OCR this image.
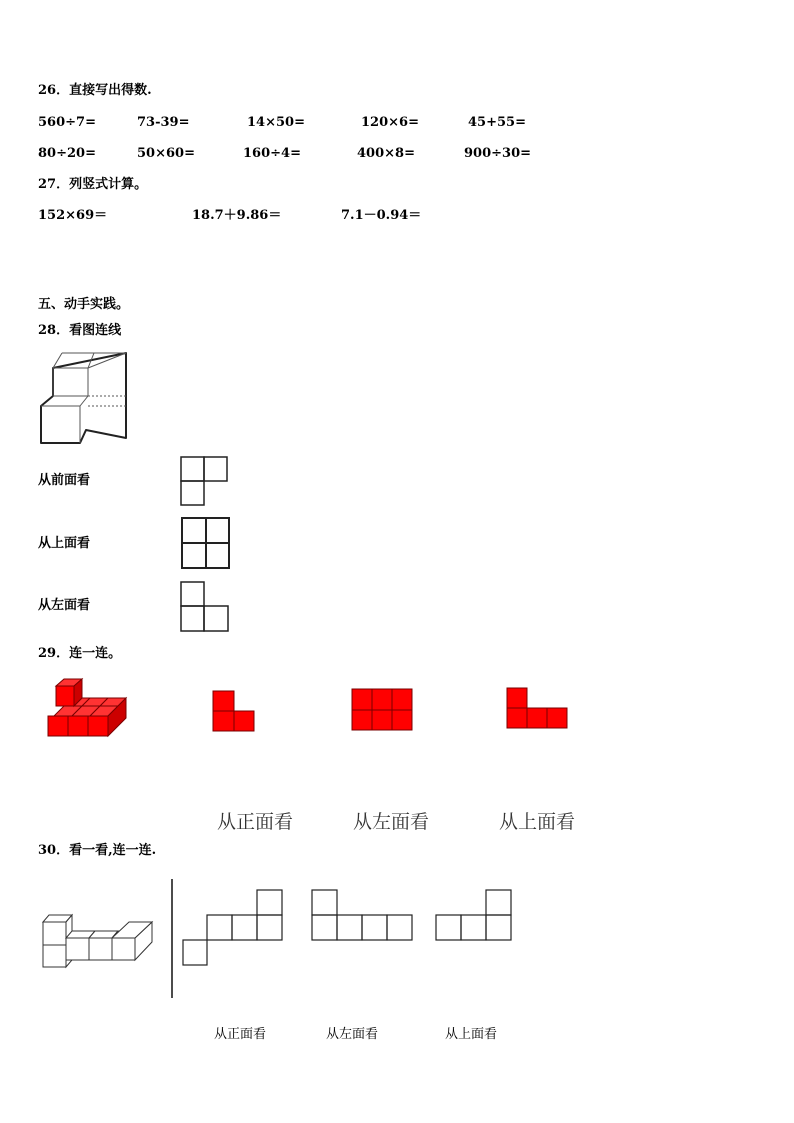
26．直接写出得数.
560÷7=	73-39=	14×50=	120×6=	45+55=
80÷20=	50×60=	160÷4=	400×8=	900÷30=
27．列竖式计算。
152×69＝	18.7＋9.86＝	7.1－0.94＝
五、动手实践。
28．看图连线
从前面看
从上面看
从左面看
29．连一连。
从正面看	从左面看	从上面看
30．看一看,连一连.
从正面看	从左面看	从上面看
